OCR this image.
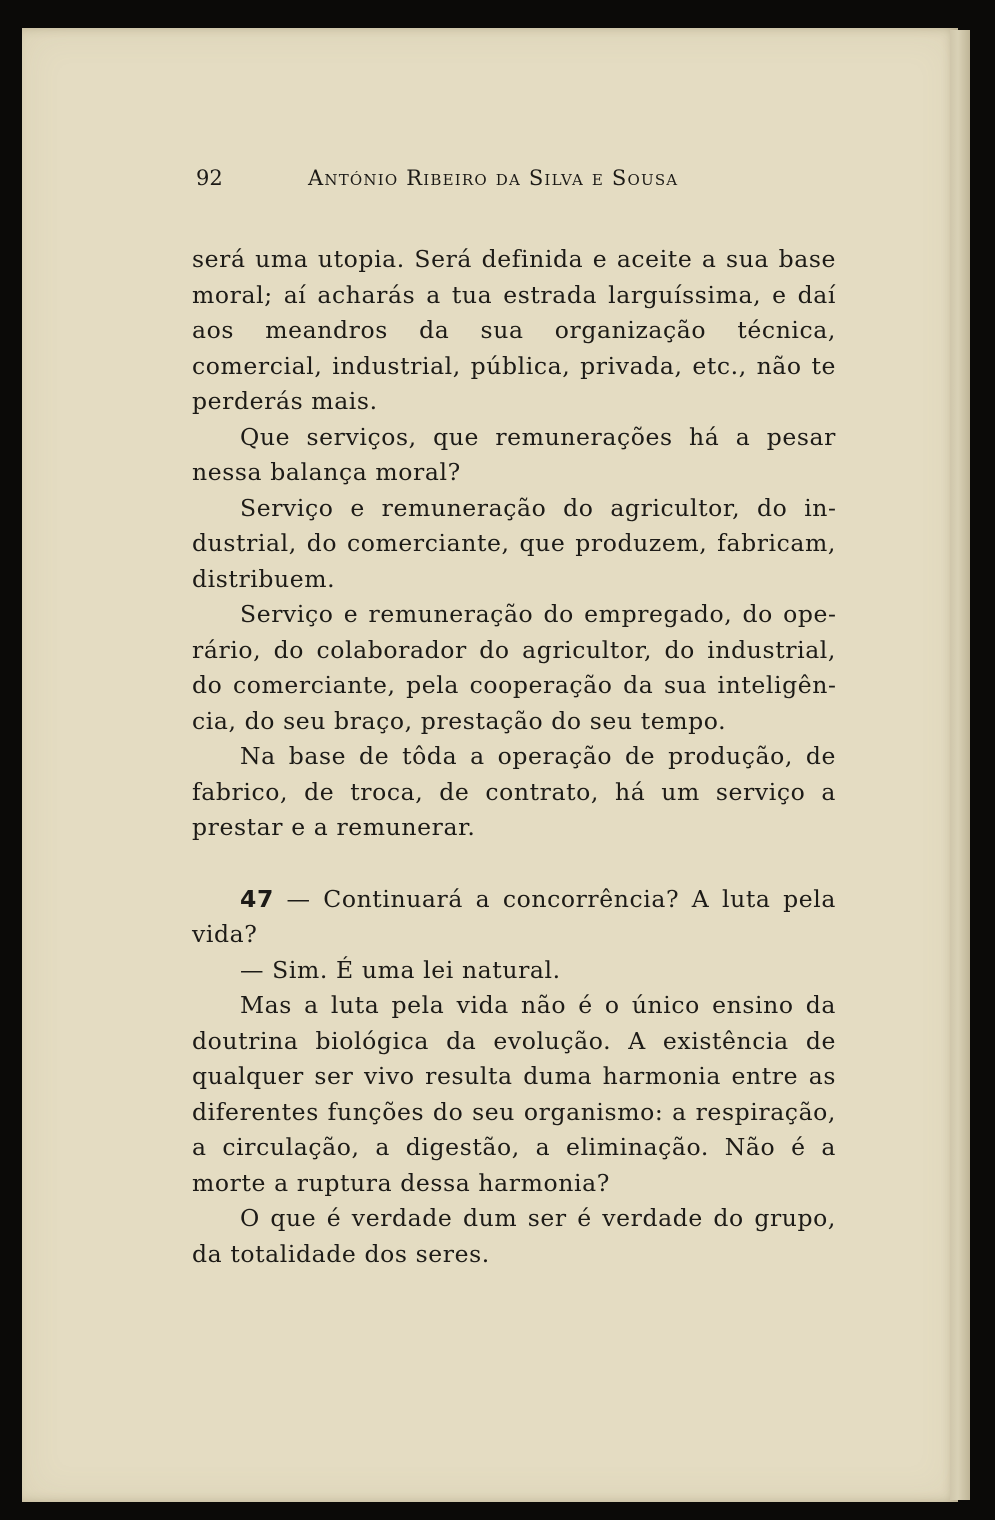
92	António Ribeiro da Silva e Sousa

será uma utopia. Será definida e aceite a sua base moral; aí acharás a tua estrada larguíssima, e daí aos meandros da sua organização técnica, comercial, industrial, pública, privada, etc., não te perderás mais.

Que serviços, que remunerações há a pesar nessa balança moral?

Serviço e remuneração do agricultor, do industrial, do comerciante, que produzem, fabricam, distribuem.

Serviço e remuneração do empregado, do operário, do colaborador do agricultor, do industrial, do comerciante, pela cooperação da sua inteligência, do seu braço, prestação do seu tempo.

Na base de tôda a operação de produção, de fabrico, de troca, de contrato, há um serviço a prestar e a remunerar.

47 — Continuará a concorrência? A luta pela vida?

— Sim. É uma lei natural.

Mas a luta pela vida não é o único ensino da doutrina biológica da evolução. A existência de qualquer ser vivo resulta duma harmonia entre as diferentes funções do seu organismo: a respiração, a circulação, a digestão, a eliminação. Não é a morte a ruptura dessa harmonia?

O que é verdade dum ser é verdade do grupo, da totalidade dos seres.
